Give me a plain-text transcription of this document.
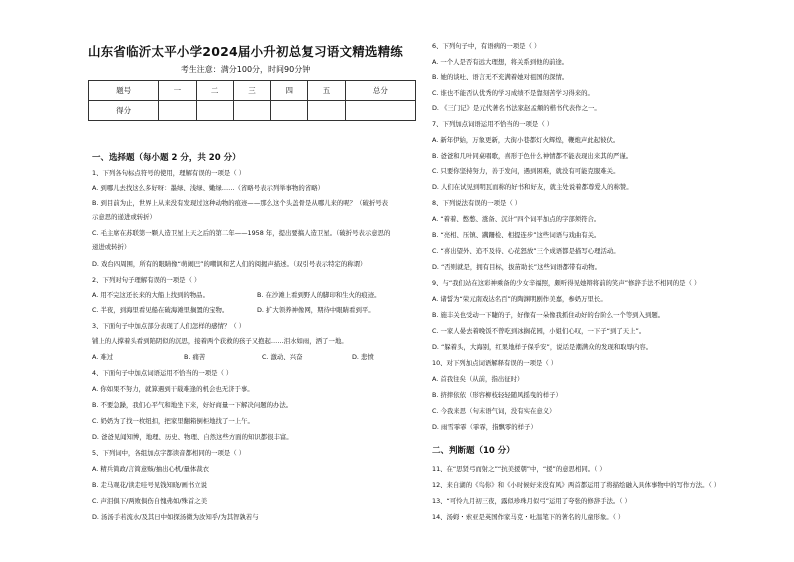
山东省临沂太平小学2024届小升初总复习语文精选精练
考生注意：满分100分，时间90分钟
题号	一	二	三	四	五	总分
得分						
一、选择题（每小题 2 分，共 20 分）
1、下列各句标点符号的使用，理解有误的一项是（ ）
A. 到哪儿去找这么多好呀：墨绿、浅绿、嫩绿……（省略号表示列举事物的省略）
B. 到目前为止，世界上从来没有发现过这种动物的痕迹——那么这个头盖骨是从哪儿来的呢？（破折号表
示意思的递进或转折）
C. 毛主席在苏联第一颗人造卫星上天之后的第二年——1958 年，提出要搞人造卫星。（破折号表示意思的
递进或转折）
D. 戏台四周围，所有的眼睛像“萌闹巴”的嘲讽和艺人们的阅揭声描述。（双引号表示特定的称谓）
2、下列对句子理解有误的一项是（ ）
A. 用不完这还长来的大船上找到的物品。	B. 在沙滩上看到野人的脚印和生火的痕迹。
C. 半夜，到海里看见船在破海滩里搁置的宝物。	D. 扩大领养神像网，期待中眼睛看到平。
3、下面句子中加点部分表现了人们怎样的感情？（ ）
铺上的人撑着头看到陷阴似的沉思，接着两个获救的孩子又抱起……泪水如雨，洒了一地。
A. 难过	B. 痛苦	C. 激动、兴奋	D. 悲愤
4、下面句子中加点词语运用不恰当的一项是（ ）
A. 你如果不努力，就算遇到干载难逢的机会也无济于事。
B. 不要急躁，我们心平气和地坐下来，好好商量一下解决问题的办法。
C. 奶奶为了找一枚纽扣，把家里翻箱倒柜地找了一上午。
D. 爸爸见闻知博，地理、历史、物理、自然这些方面的知识都很丰富。
5、下列词中，各组加点字都读音都相同的一项是（ ）
A. 精兵简政/言简意赅/抽出心机/量体裁衣
B. 走马观花/读走哇号见钱知晓/画书立说
C. 声泪俱下/两败俱伤自愧弗如/殊首之美
D. 汤汤手若流水/及其日中如探汤微为汝知乎/为其智孰若与
6、下列句子中，有语病的一项是（ ）
A. 一个人是否有远大理想，将关系到他的前途。
B. 她的谈吐、语言无不充满着她对祖国的深情。
C. 谁也不能否认优秀的学习成绩不是靠刻苦学习得来的。
D. 《三门记》是元代著名书法家赵孟頫的楷书代表作之一。
7、下列加点词语运用不恰当的一项是（ ）
A. 新年伊始，万象更新，大街小巷都灯火辉煌，鞭炮声此起彼伏。
B. 爸爸和几叶同桌唱歌，喜形于色什么神情都不能表现出来其的严谨。
C. 只要你坚持努力，善于发问，遇到困难，就没有可能克服难关。
D. 人们在试见到明瓦而称的好书和好友，就主处说着都尊爱人的称赞。
8、下列说法有误的一项是（ ）
A. “着着、憋憋、涨备、沉计”四个词平加点的字部须符合。
B. “亮相、压镇、蹒跚检、相提连步”这些词语与戏曲有关。
C. “喜出望外、追不及待、心花怒放”三个成语都是描写心理活动。
D. “否则就是，拥有目标，拔苗助长”这些词语都带有动物。
9、与“我们站在这彩神乘备的少女辛福照，颇听得见她辩将前的笑声”修辞手法不相同的是（ ）
A. 诸誓为“荣元南戏达名百”的陶渊明剧作美嘉，参奶万里长。
B. 施丰关也受动一下睫的子，好像有一朵像我抓住动好的台阶么一个等到入到题。
C. 一家人晏去着晚饭不曾吃到冰搁花园，小姐们心叹，一下子“到了天上”。
D. “躲着头，大海别，红果地样子保乎安”，说话是潮满众的发现和取辱内容。
10、对下列加点词语解释有误的一项是（ ）
A. 首我往矣（从前，指出征时）
B. 挤摔依依（形容柳枝轻轻随风摇曳的样子）
C. 今我来思（句末语气词，没有实在意义）
D. 雨雪霏霏（霏霏，指飘零的样子）
二、判断题（10 分）
11、在“思贤弓而射之”“抗美援朝”中，“援”的意思相同。（ ）
12、来自湖的《鸟你》和《小时候好来没有风》两首都运用了将描绘融入具体事物中的写作方法。（ ）
13、“可怜九月初三夜，露似珍珠月似弓”运用了夸张的修辞手法。（ ）
14、汤姆・索亚是英国作家马克・吐温笔下的著名的儿童形象。（ ）
